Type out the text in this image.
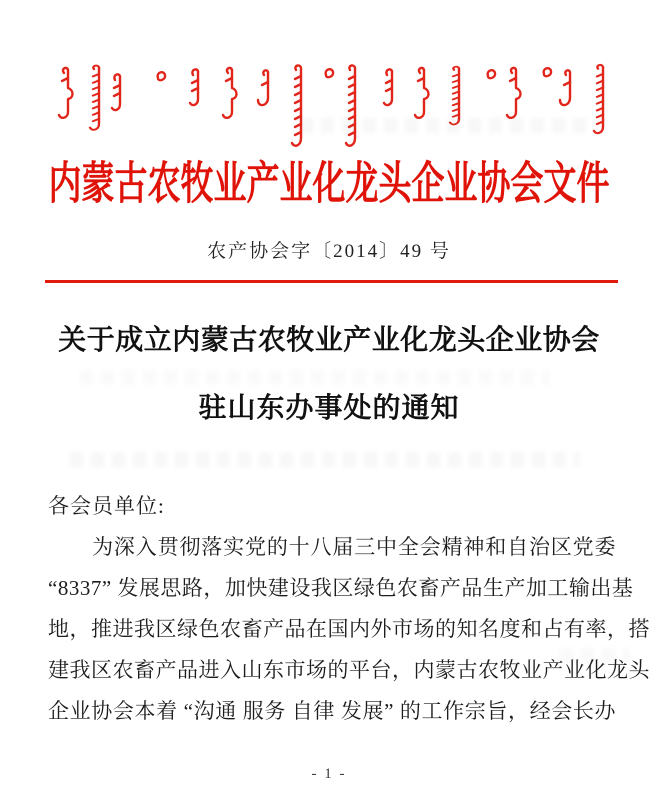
内蒙古农牧业产业化龙头企业协会文件
农产协会字〔2014〕49 号
关于成立内蒙古农牧业产业化龙头企业协会
驻山东办事处的通知
各会员单位:
为深入贯彻落实党的十八届三中全会精神和自治区党委
“8337” 发展思路，加快建设我区绿色农畜产品生产加工输出基
地，推进我区绿色农畜产品在国内外市场的知名度和占有率，搭
建我区农畜产品进入山东市场的平台，内蒙古农牧业产业化龙头
企业协会本着 “沟通 服务 自律 发展” 的工作宗旨，经会长办
- 1 -
